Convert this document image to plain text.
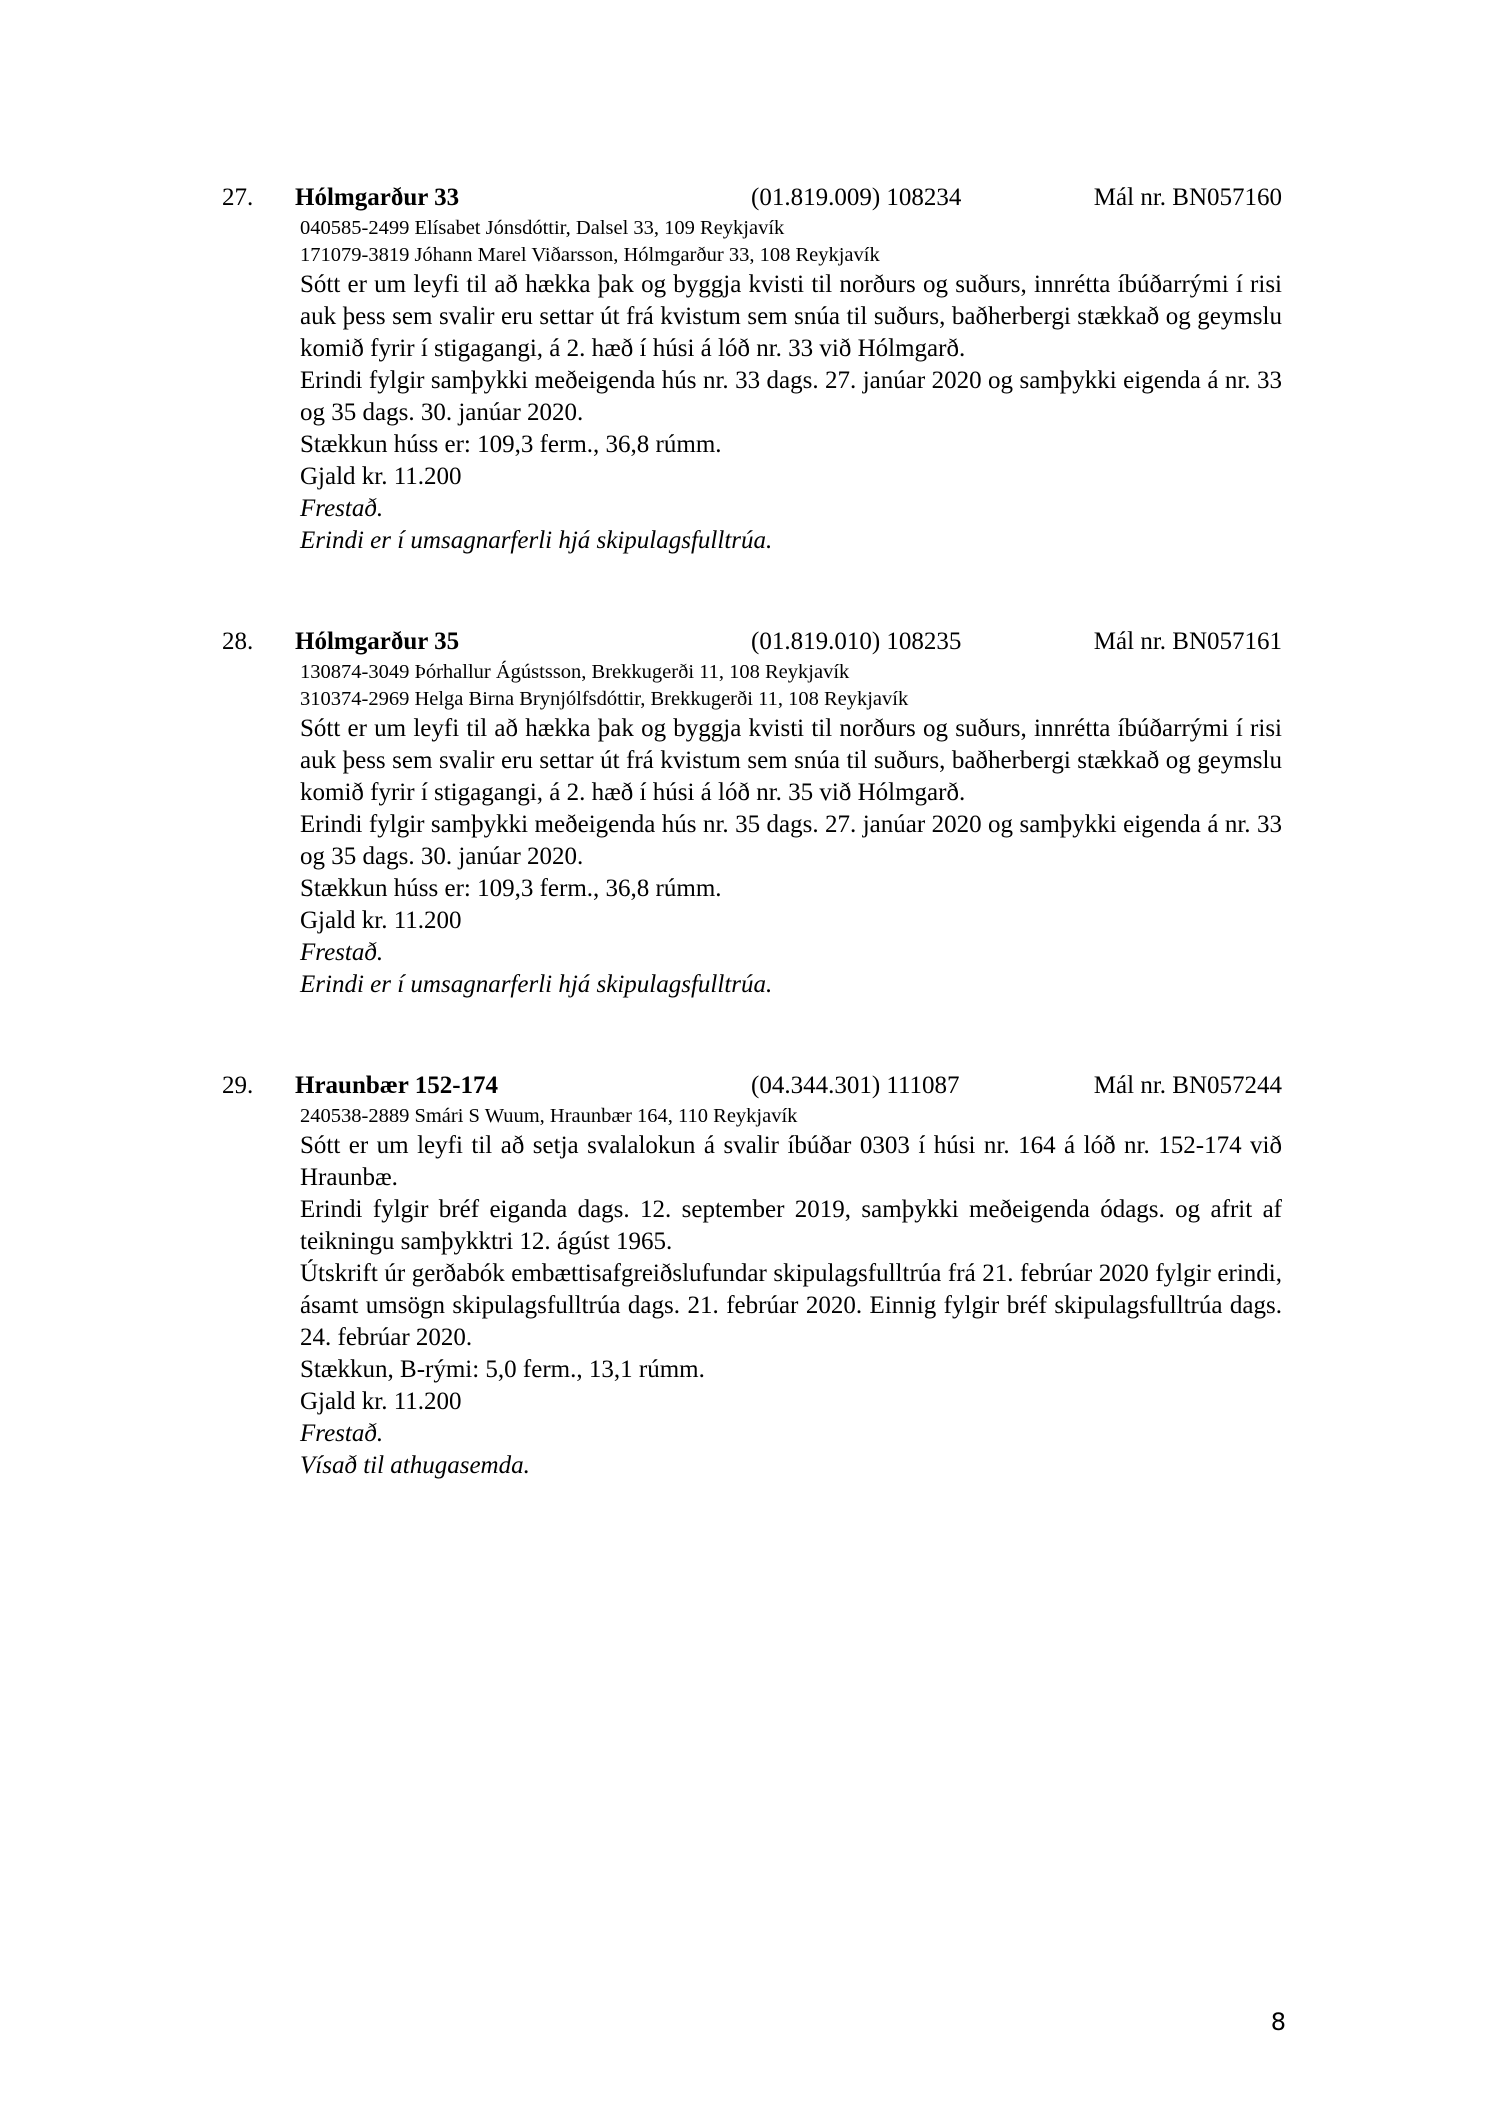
27. Hólmgarður 33	(01.819.009) 108234	Mál nr. BN057160
040585-2499 Elísabet Jónsdóttir, Dalsel 33, 109 Reykjavík
171079-3819 Jóhann Marel Viðarsson, Hólmgarður 33, 108 Reykjavík

Sótt er um leyfi til að hækka þak og byggja kvisti til norðurs og suðurs, innrétta íbúðarrými í risi auk þess sem svalir eru settar út frá kvistum sem snúa til suðurs, baðherbergi stækkað og geymslu komið fyrir í stigagangi, á 2. hæð í húsi á lóð nr. 33 við Hólmgarð.

Erindi fylgir samþykki meðeigenda hús nr. 33 dags. 27. janúar 2020 og samþykki eigenda á nr. 33 og 35 dags. 30. janúar 2020.

Stækkun húss er: 109,3 ferm., 36,8 rúmm.

Gjald kr. 11.200

Frestað.
Erindi er í umsagnarferli hjá skipulagsfulltrúa.
28. Hólmgarður 35	(01.819.010) 108235	Mál nr. BN057161
130874-3049 Þórhallur Ágústsson, Brekkugerði 11, 108 Reykjavík
310374-2969 Helga Birna Brynjólfsdóttir, Brekkugerði 11, 108 Reykjavík

Sótt er um leyfi til að hækka þak og byggja kvisti til norðurs og suðurs, innrétta íbúðarrými í risi auk þess sem svalir eru settar út frá kvistum sem snúa til suðurs, baðherbergi stækkað og geymslu komið fyrir í stigagangi, á 2. hæð í húsi á lóð nr. 35 við Hólmgarð.

Erindi fylgir samþykki meðeigenda hús nr. 35 dags. 27. janúar 2020 og samþykki eigenda á nr. 33 og 35 dags. 30. janúar 2020.

Stækkun húss er: 109,3 ferm., 36,8 rúmm.

Gjald kr. 11.200

Frestað.
Erindi er í umsagnarferli hjá skipulagsfulltrúa.
29. Hraunbær 152-174	(04.344.301) 111087	Mál nr. BN057244
240538-2889 Smári S Wuum, Hraunbær 164, 110 Reykjavík

Sótt er um leyfi til að setja svalalokun á svalir íbúðar 0303 í húsi nr. 164 á lóð nr. 152-174 við Hraunbæ.

Erindi fylgir bréf eiganda dags. 12. september 2019, samþykki meðeigenda ódags. og afrit af teikningu samþykktri 12. ágúst 1965.

Útskrift úr gerðabók embættisafgreiðslufundar skipulagsfulltrúa frá 21. febrúar 2020 fylgir erindi, ásamt umsögn skipulagsfulltrúa dags. 21. febrúar 2020. Einnig fylgir bréf skipulagsfulltrúa dags. 24. febrúar 2020.

Stækkun, B-rými: 5,0 ferm., 13,1 rúmm.

Gjald kr. 11.200

Frestað.
Vísað til athugasemda.
8
